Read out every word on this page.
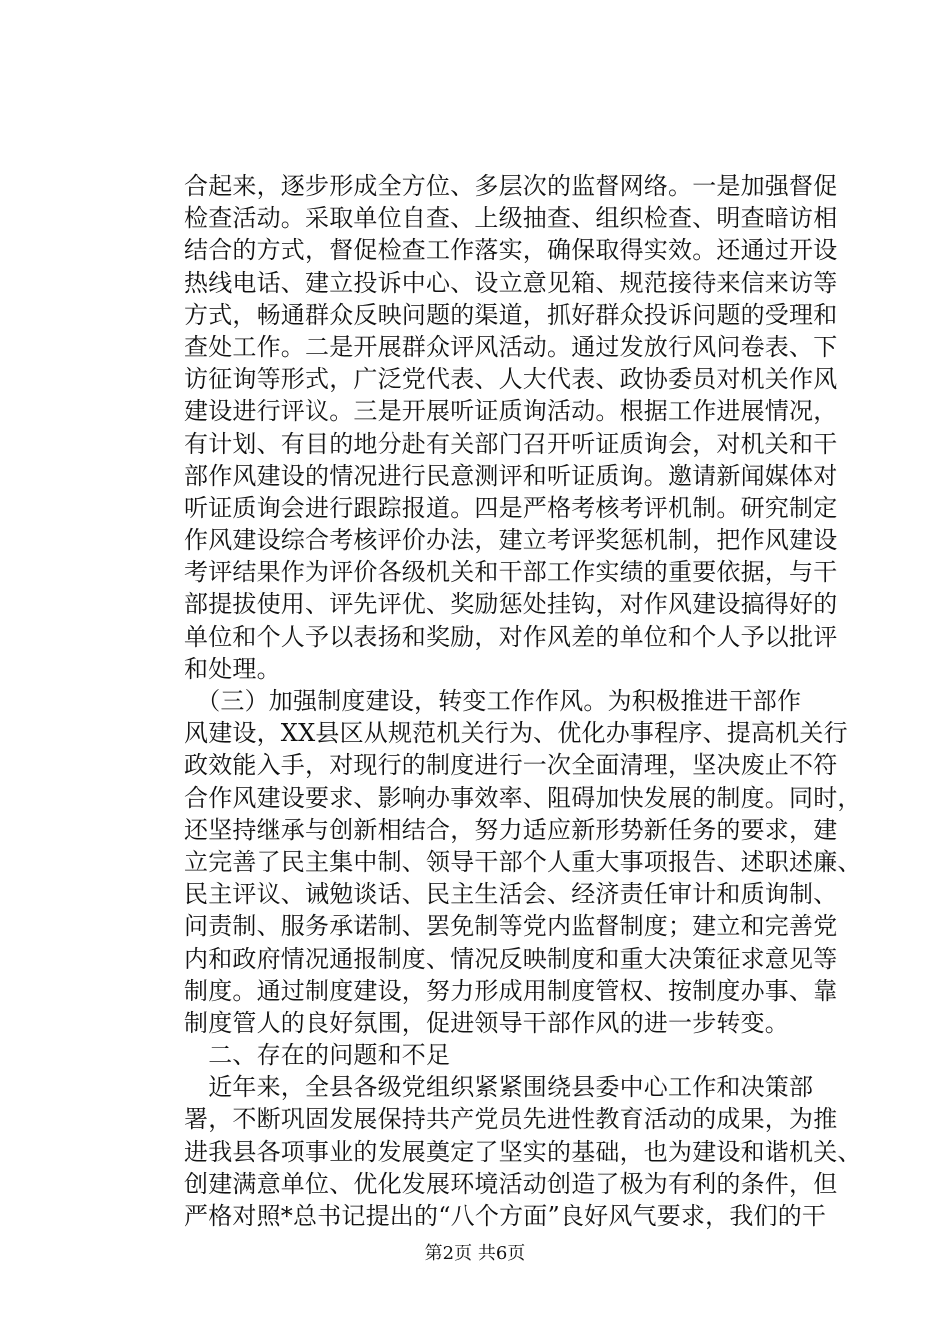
合起来，逐步形成全方位、多层次的监督网络。一是加强督促
检查活动。采取单位自查、上级抽查、组织检查、明查暗访相
结合的方式，督促检查工作落实，确保取得实效。还通过开设
热线电话、建立投诉中心、设立意见箱、规范接待来信来访等
方式，畅通群众反映问题的渠道，抓好群众投诉问题的受理和
查处工作。二是开展群众评风活动。通过发放行风问卷表、下
访征询等形式，广泛党代表、人大代表、政协委员对机关作风
建设进行评议。三是开展听证质询活动。根据工作进展情况，
有计划、有目的地分赴有关部门召开听证质询会，对机关和干
部作风建设的情况进行民意测评和听证质询。邀请新闻媒体对
听证质询会进行跟踪报道。四是严格考核考评机制。研究制定
作风建设综合考核评价办法，建立考评奖惩机制，把作风建设
考评结果作为评价各级机关和干部工作实绩的重要依据，与干
部提拔使用、评先评优、奖励惩处挂钩，对作风建设搞得好的
单位和个人予以表扬和奖励，对作风差的单位和个人予以批评
和处理。
　（三）加强制度建设，转变工作作风。为积极推进干部作
风建设，XX县区从规范机关行为、优化办事程序、提高机关行
政效能入手，对现行的制度进行一次全面清理，坚决废止不符
合作风建设要求、影响办事效率、阻碍加快发展的制度。同时，
还坚持继承与创新相结合，努力适应新形势新任务的要求，建
立完善了民主集中制、领导干部个人重大事项报告、述职述廉、
民主评议、诫勉谈话、民主生活会、经济责任审计和质询制、
问责制、服务承诺制、罢免制等党内监督制度；建立和完善党
内和政府情况通报制度、情况反映制度和重大决策征求意见等
制度。通过制度建设，努力形成用制度管权、按制度办事、靠
制度管人的良好氛围，促进领导干部作风的进一步转变。
　二、存在的问题和不足
　近年来，全县各级党组织紧紧围绕县委中心工作和决策部
署，不断巩固发展保持共产党员先进性教育活动的成果，为推
进我县各项事业的发展奠定了坚实的基础，也为建设和谐机关、
创建满意单位、优化发展环境活动创造了极为有利的条件，但
严格对照*总书记提出的“八个方面”良好风气要求，我们的干
第2页 共6页
